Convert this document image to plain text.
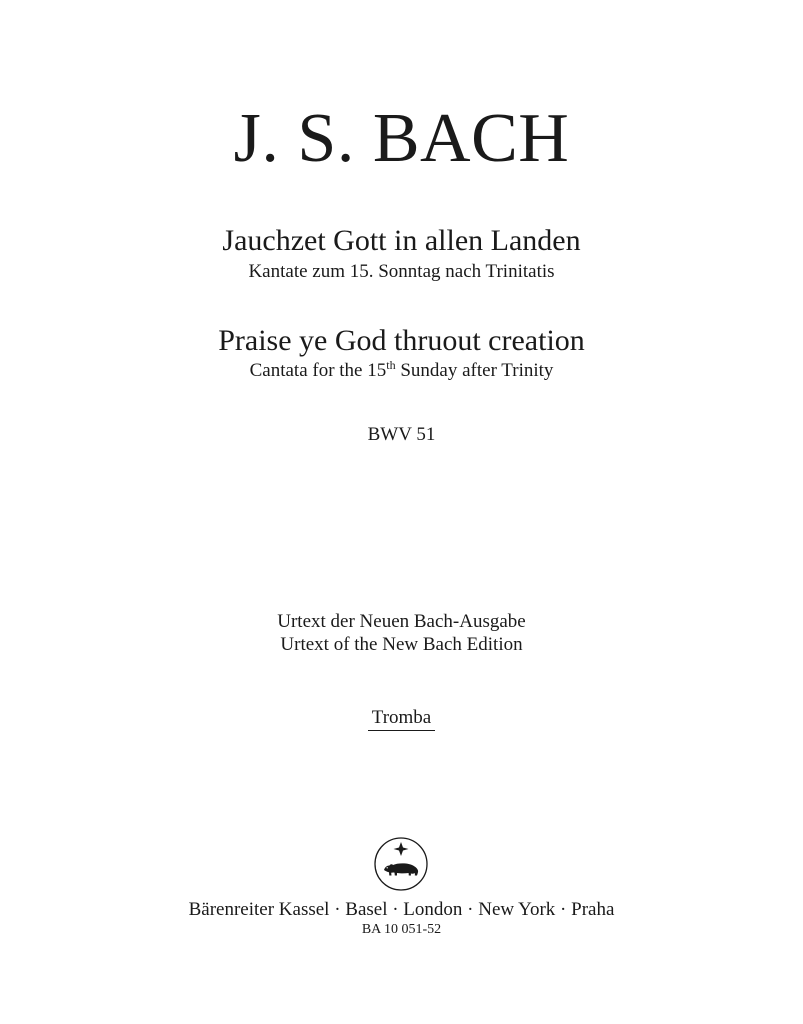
J. S. BACH
Jauchzet Gott in allen Landen
Kantate zum 15. Sonntag nach Trinitatis
Praise ye God thruout creation
Cantata for the 15th Sunday after Trinity
BWV 51
Urtext der Neuen Bach-Ausgabe
Urtext of the New Bach Edition
Tromba
Bärenreiter Kassel · Basel · London · New York · Praha
BA 10 051-52
